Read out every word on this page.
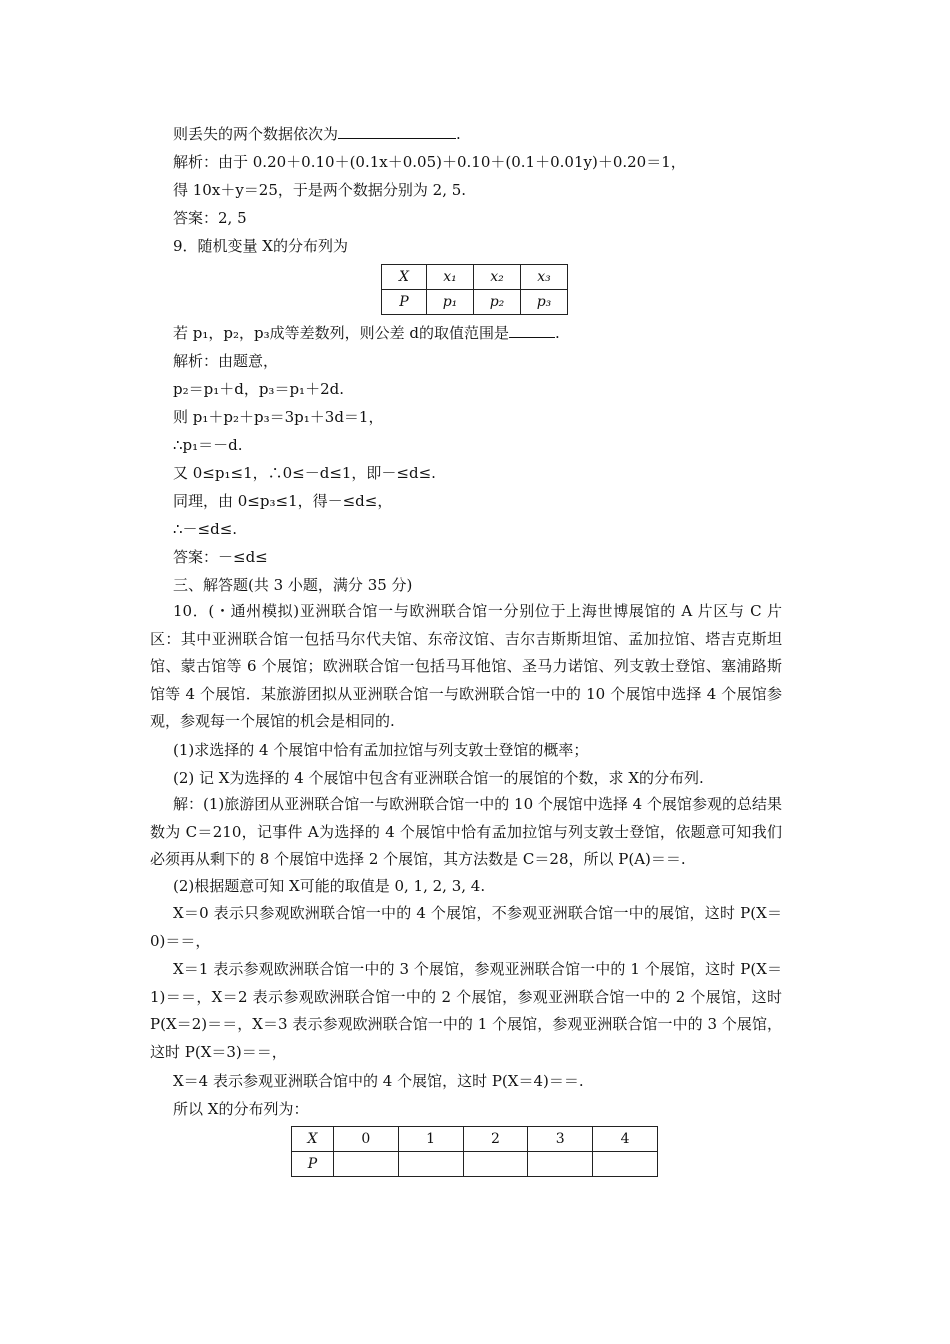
则丢失的两个数据依次为	.
解析：由于 0.20＋0.10＋(0.1x＋0.05)＋0.10＋(0.1＋0.01y)＋0.20＝1，
得 10x＋y＝25，于是两个数据分别为 2, 5.
答案：2, 5
9．随机变量 X的分布列为
X	x₁	x₂	x₃
P	p₁	p₂	p₃
若 p₁，p₂，p₃成等差数列，则公差 d的取值范围是	.
解析：由题意，
p₂＝p₁＋d，p₃＝p₁＋2d.
则 p₁＋p₂＋p₃＝3p₁＋3d＝1，
∴p₁＝－d.
又 0≤p₁≤1，∴0≤－d≤1，即－≤d≤.
同理，由 0≤p₃≤1，得－≤d≤，
∴－≤d≤.
答案：－≤d≤
三、解答题(共 3 小题，满分 35 分)
10．(・通州模拟)亚洲联合馆一与欧洲联合馆一分别位于上海世博展馆的 A 片区与 C 片区：其中亚洲联合馆一包括马尔代夫馆、东帝汶馆、吉尔吉斯斯坦馆、孟加拉馆、塔吉克斯坦馆、蒙古馆等 6 个展馆；欧洲联合馆一包括马耳他馆、圣马力诺馆、列支敦士登馆、塞浦路斯馆等 4 个展馆．某旅游团拟从亚洲联合馆一与欧洲联合馆一中的 10 个展馆中选择 4 个展馆参观，参观每一个展馆的机会是相同的.
(1)求选择的 4 个展馆中恰有孟加拉馆与列支敦士登馆的概率；
(2) 记 X为选择的 4 个展馆中包含有亚洲联合馆一的展馆的个数，求 X的分布列.
解：(1)旅游团从亚洲联合馆一与欧洲联合馆一中的 10 个展馆中选择 4 个展馆参观的总结果数为 C＝210，记事件 A为选择的 4 个展馆中恰有孟加拉馆与列支敦士登馆，依题意可知我们必须再从剩下的 8 个展馆中选择 2 个展馆，其方法数是 C＝28，所以 P(A)＝＝.
(2)根据题意可知 X可能的取值是 0, 1, 2, 3, 4.
X＝0 表示只参观欧洲联合馆一中的 4 个展馆，不参观亚洲联合馆一中的展馆，这时 P(X＝0)＝＝，
X＝1 表示参观欧洲联合馆一中的 3 个展馆，参观亚洲联合馆一中的 1 个展馆，这时 P(X＝1)＝＝，X＝2 表示参观欧洲联合馆一中的 2 个展馆，参观亚洲联合馆一中的 2 个展馆，这时 P(X＝2)＝＝，X＝3 表示参观欧洲联合馆一中的 1 个展馆，参观亚洲联合馆一中的 3 个展馆，这时 P(X＝3)＝＝，
X＝4 表示参观亚洲联合馆中的 4 个展馆，这时 P(X＝4)＝＝.
所以 X的分布列为：
X	0	1	2	3	4
P					
